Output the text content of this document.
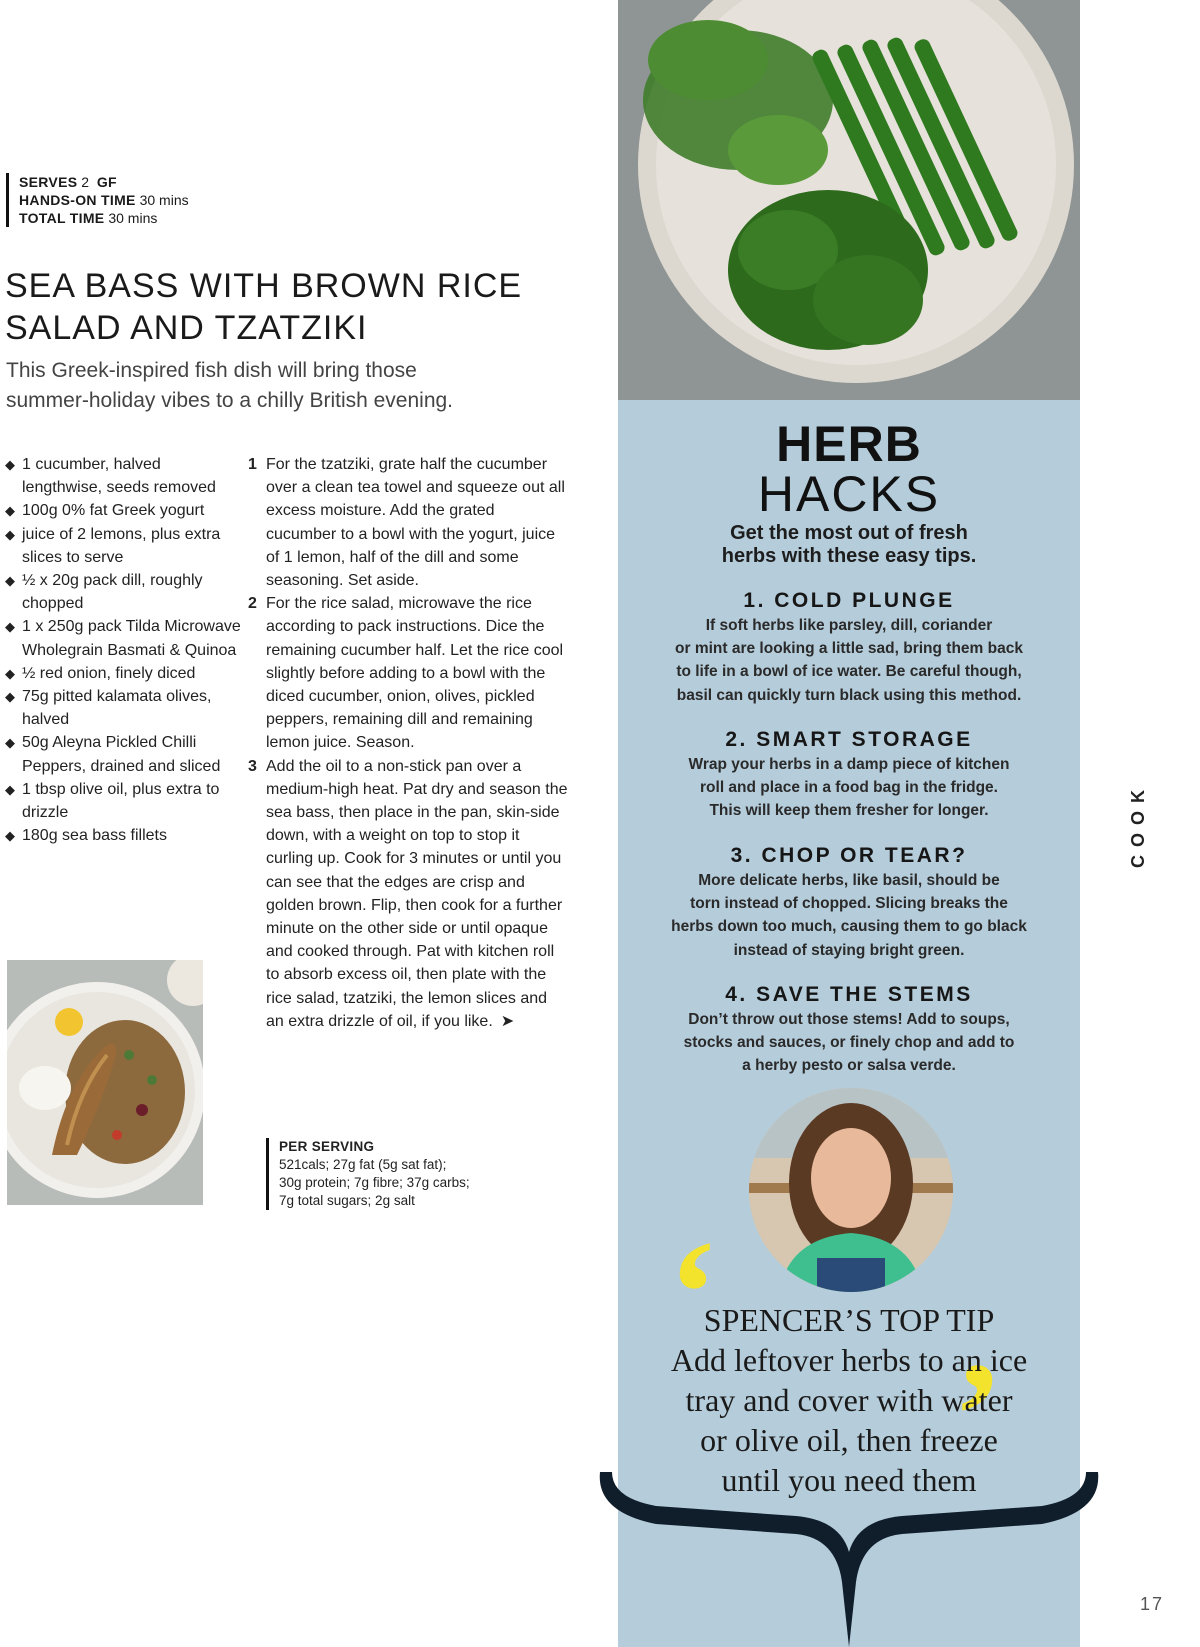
SERVES 2 GF
HANDS-ON TIME 30 mins
TOTAL TIME 30 mins
SEA BASS WITH BROWN RICE
SALAD AND TZATZIKI

This Greek-inspired fish dish will bring those
summer-holiday vibes to a chilly British evening.

◆ 1 cucumber, halved lengthwise, seeds removed
◆ 100g 0% fat Greek yogurt
◆ juice of 2 lemons, plus extra slices to serve
◆ ½ x 20g pack dill, roughly chopped
◆ 1 x 250g pack Tilda Microwave Wholegrain Basmati & Quinoa
◆ ½ red onion, finely diced
◆ 75g pitted kalamata olives, halved
◆ 50g Aleyna Pickled Chilli Peppers, drained and sliced
◆ 1 tbsp olive oil, plus extra to drizzle
◆ 180g sea bass fillets
1 For the tzatziki, grate half the cucumber over a clean tea towel and squeeze out all excess moisture. Add the grated cucumber to a bowl with the yogurt, juice of 1 lemon, half of the dill and some seasoning. Set aside.
2 For the rice salad, microwave the rice according to pack instructions. Dice the remaining cucumber half. Let the rice cool slightly before adding to a bowl with the diced cucumber, onion, olives, pickled peppers, remaining dill and remaining lemon juice. Season.
3 Add the oil to a non-stick pan over a medium-high heat. Pat dry and season the sea bass, then place in the pan, skin-side down, with a weight on top to stop it curling up. Cook for 3 minutes or until you can see that the edges are crisp and golden brown. Flip, then cook for a further minute on the other side or until opaque and cooked through. Pat with kitchen roll to absorb excess oil, then plate with the rice salad, tzatziki, the lemon slices and an extra drizzle of oil, if you like. ➤
PER SERVING
521cals; 27g fat (5g sat fat);
30g protein; 7g fibre; 37g carbs;
7g total sugars; 2g salt
HERB
HACKS
Get the most out of fresh
herbs with these easy tips.
1. COLD PLUNGE
If soft herbs like parsley, dill, coriander
or mint are looking a little sad, bring them back
to life in a bowl of ice water. Be careful though,
basil can quickly turn black using this method.
2. SMART STORAGE
Wrap your herbs in a damp piece of kitchen
roll and place in a food bag in the fridge.
This will keep them fresher for longer.
3. CHOP OR TEAR?
More delicate herbs, like basil, should be
torn instead of chopped. Slicing breaks the
herbs down too much, causing them to go black
instead of staying bright green.
4. SAVE THE STEMS
Don’t throw out those stems! Add to soups,
stocks and sauces, or finely chop and add to
a herby pesto or salsa verde.
‘
’
SPENCER’S TOP TIP
Add leftover herbs to an ice
tray and cover with water
or olive oil, then freeze
until you need them
COOK
17
